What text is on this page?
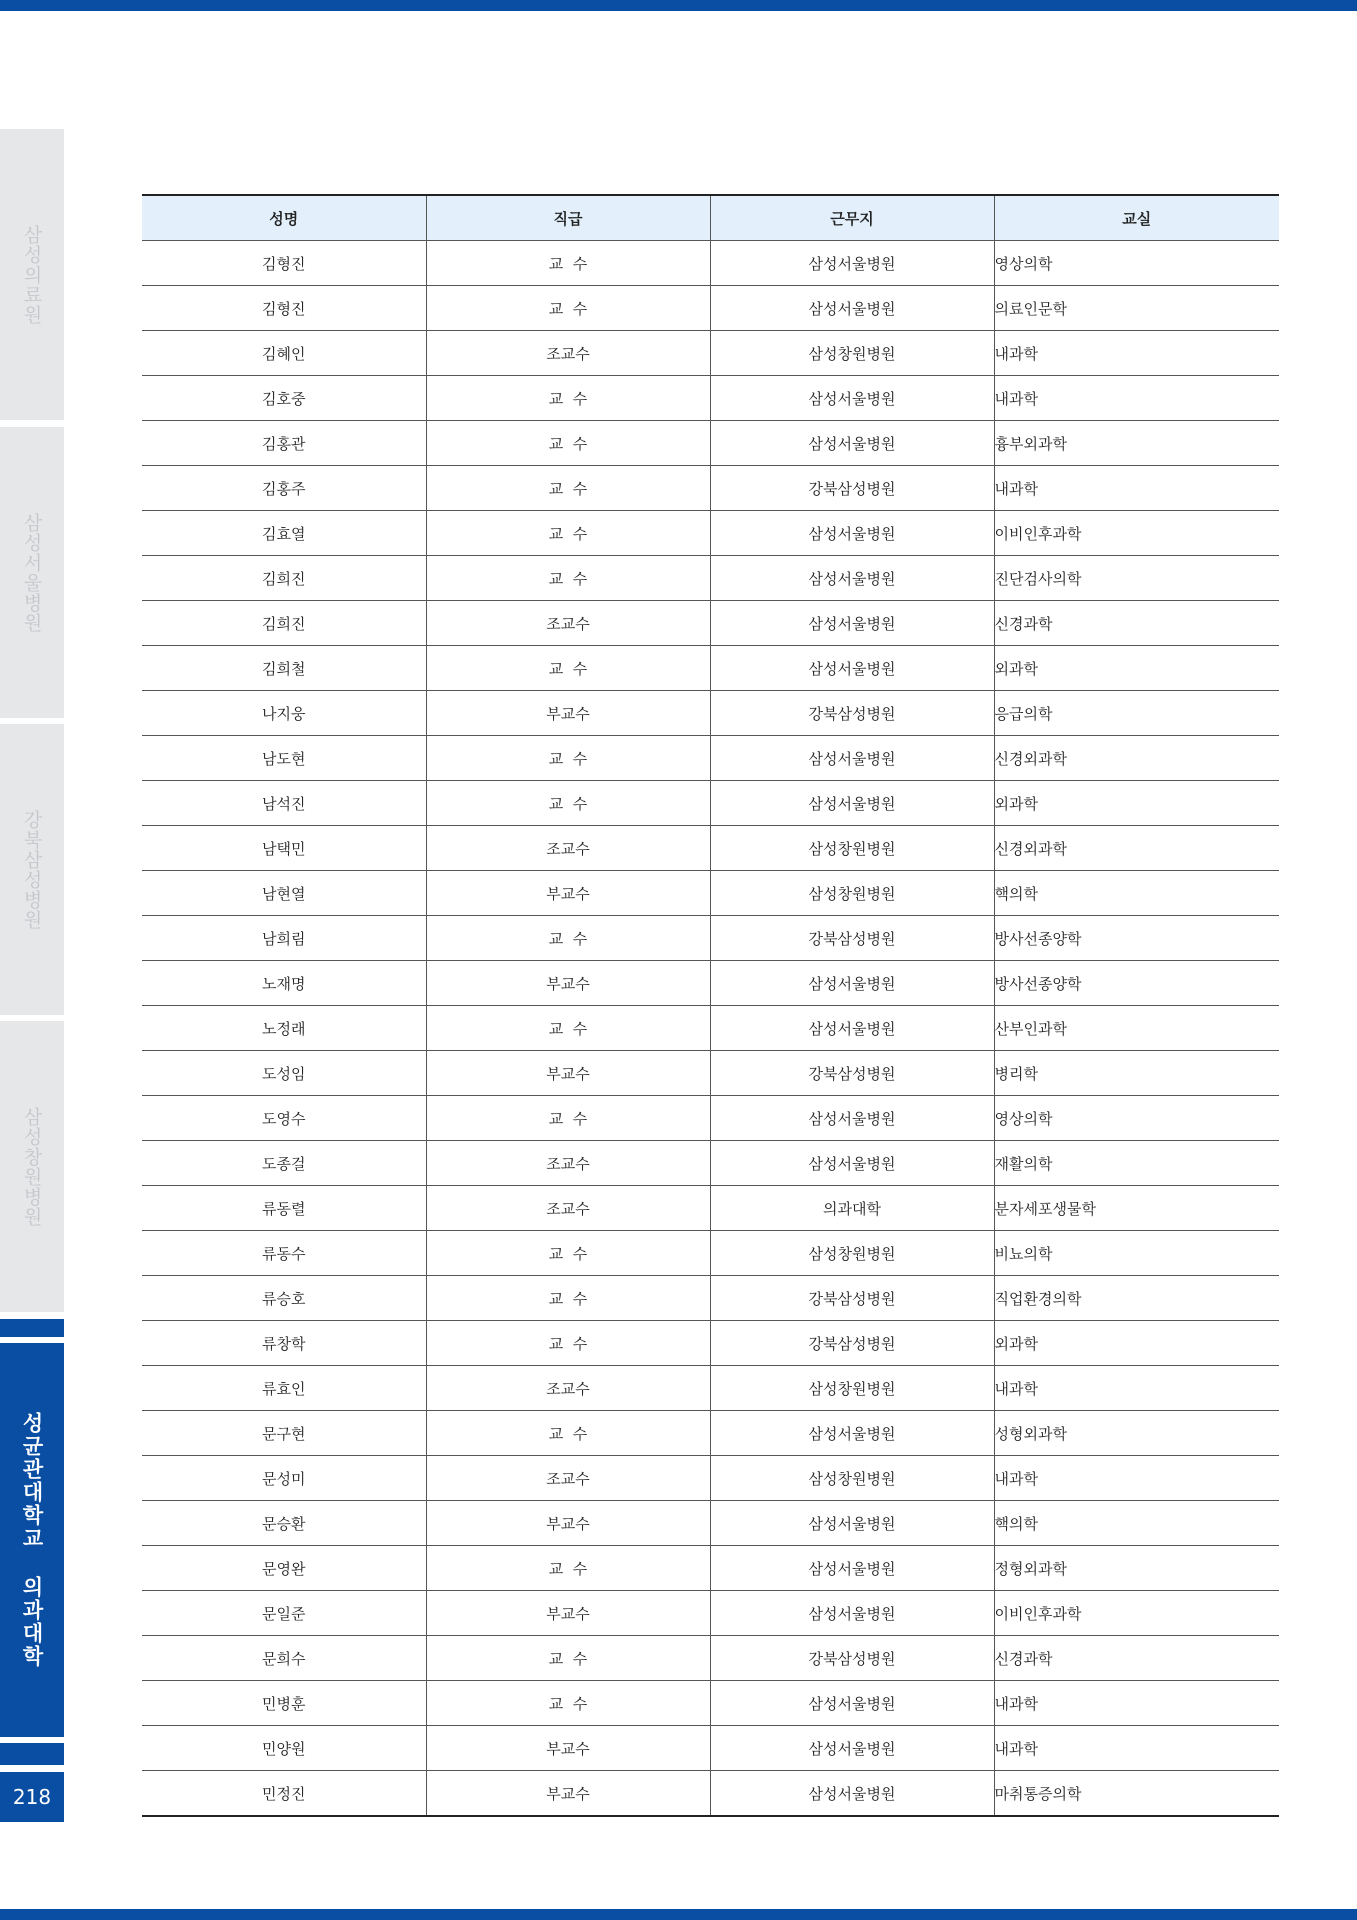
삼성의료원
삼성서울병원
강북삼성병원
삼성창원병원
성균관대학교 의과대학
218
성명	직급	근무지	교실
김형진	교  수	삼성서울병원	영상의학
김형진	교  수	삼성서울병원	의료인문학
김혜인	조교수	삼성창원병원	내과학
김호중	교  수	삼성서울병원	내과학
김홍관	교  수	삼성서울병원	흉부외과학
김홍주	교  수	강북삼성병원	내과학
김효열	교  수	삼성서울병원	이비인후과학
김희진	교  수	삼성서울병원	진단검사의학
김희진	조교수	삼성서울병원	신경과학
김희철	교  수	삼성서울병원	외과학
나지웅	부교수	강북삼성병원	응급의학
남도현	교  수	삼성서울병원	신경외과학
남석진	교  수	삼성서울병원	외과학
남택민	조교수	삼성창원병원	신경외과학
남현열	부교수	삼성창원병원	핵의학
남희림	교  수	강북삼성병원	방사선종양학
노재명	부교수	삼성서울병원	방사선종양학
노정래	교  수	삼성서울병원	산부인과학
도성임	부교수	강북삼성병원	병리학
도영수	교  수	삼성서울병원	영상의학
도종걸	조교수	삼성서울병원	재활의학
류동렬	조교수	의과대학	분자세포생물학
류동수	교  수	삼성창원병원	비뇨의학
류승호	교  수	강북삼성병원	직업환경의학
류창학	교  수	강북삼성병원	외과학
류효인	조교수	삼성창원병원	내과학
문구현	교  수	삼성서울병원	성형외과학
문성미	조교수	삼성창원병원	내과학
문승환	부교수	삼성서울병원	핵의학
문영완	교  수	삼성서울병원	정형외과학
문일준	부교수	삼성서울병원	이비인후과학
문희수	교  수	강북삼성병원	신경과학
민병훈	교  수	삼성서울병원	내과학
민양원	부교수	삼성서울병원	내과학
민정진	부교수	삼성서울병원	마취통증의학
